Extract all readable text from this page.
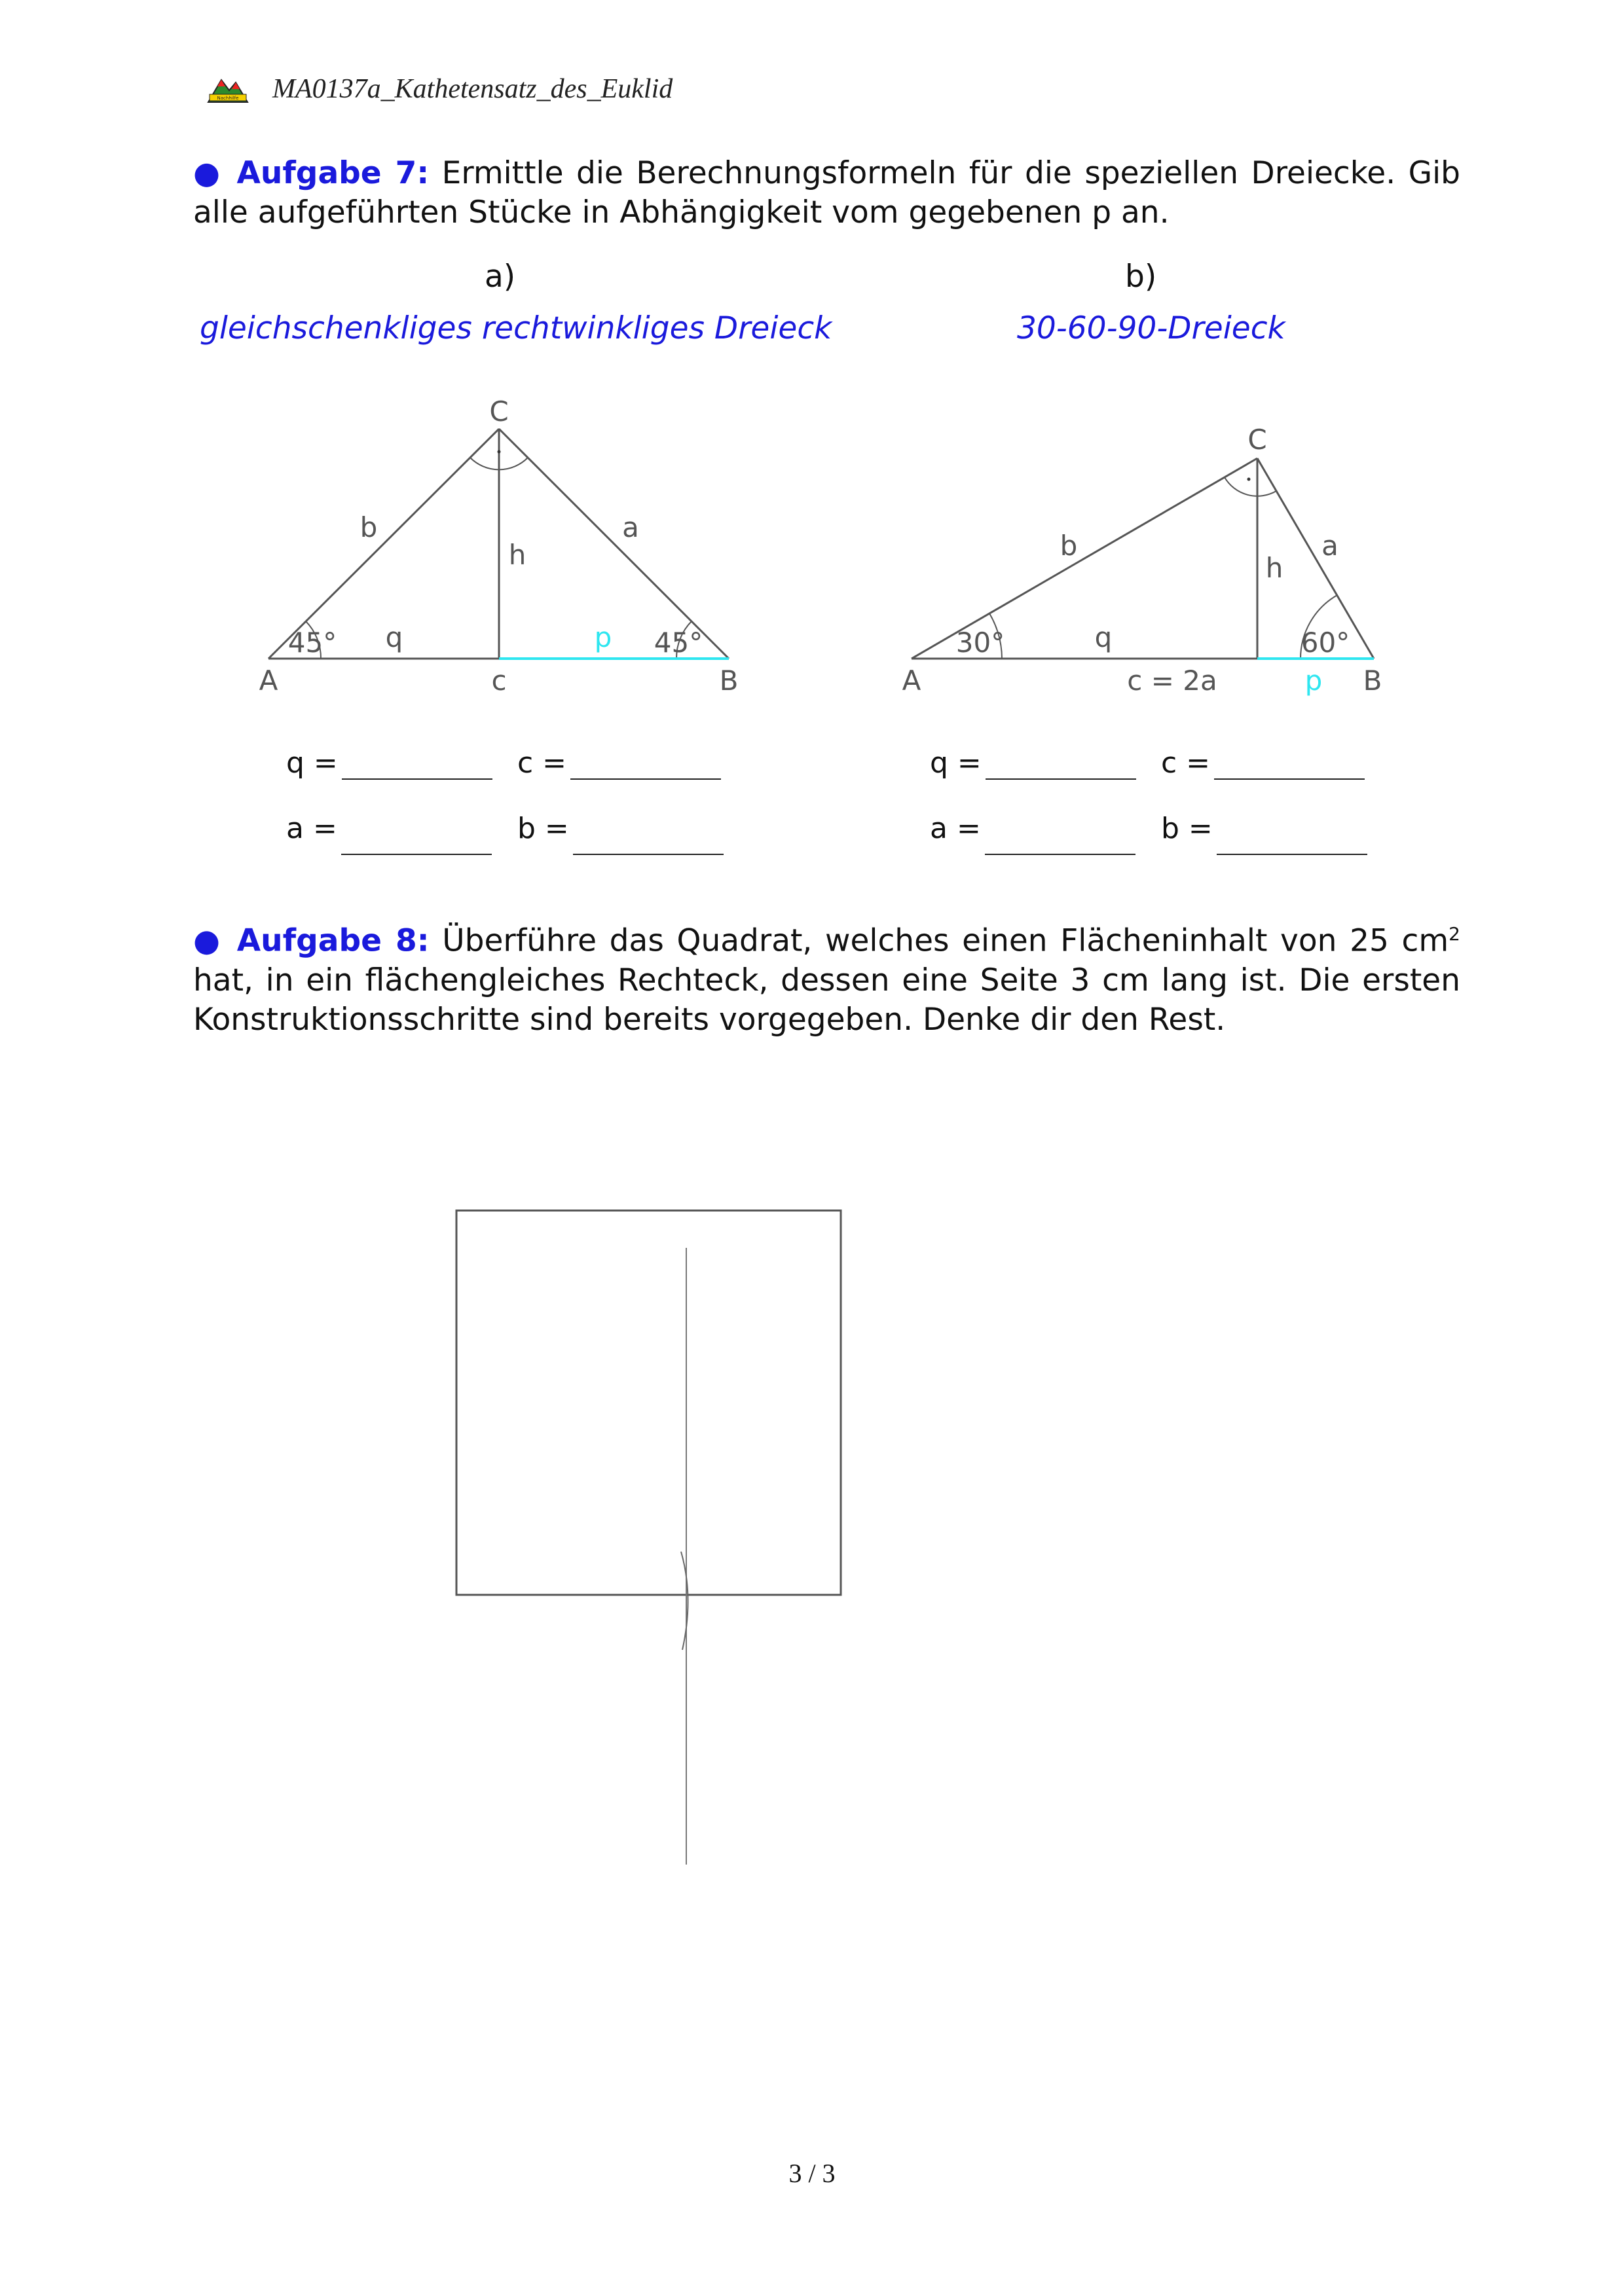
Nachhilfe MA0137a_Kathetensatz_des_Euklid
● Aufgabe 7: Ermittle die Berechnungsformeln für die speziellen Dreiecke. Gib alle aufgeführten Stücke in Abhängigkeit vom gegebenen p an.
a)	b)
gleichschenkliges rechtwinkliges Dreieck	30-60-90-Dreieck
C
A	B
c
b	a
h
q
45°	45°
p
C
A	B
c = 2a
b	a
h
q
30°	60°
p
q =	c =
a =	b =
q =	c =
a =	b =
● Aufgabe 8: Überführe das Quadrat, welches einen Flächeninhalt von 25 $cm^2$ hat, in ein flächengleiches Rechteck, dessen eine Seite 3 cm lang ist. Die ersten Konstruktionsschritte sind bereits vorgegeben. Denke dir den Rest.
3 / 3
